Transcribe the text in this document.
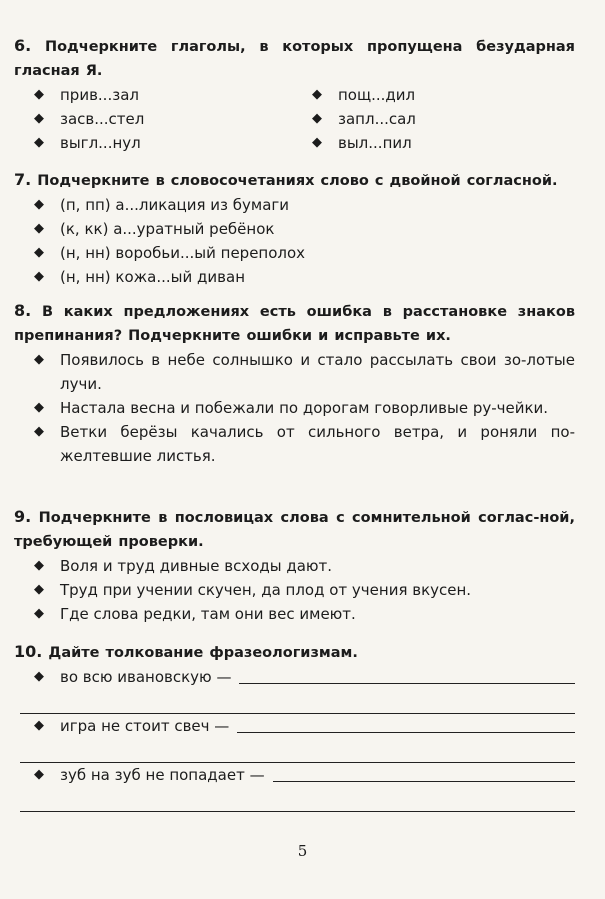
6. Подчеркните глаголы, в которых пропущена безударная гласная Я.
◆ прив...зал
◆ засв...стел
◆ выгл...нул
◆ пощ...дил
◆ запл...сал
◆ выл...пил
7. Подчеркните в словосочетаниях слово с двойной согласной.
◆ (п, пп) а...ликация из бумаги
◆ (к, кк) а...уратный ребёнок
◆ (н, нн) воробьи...ый переполох
◆ (н, нн) кожа...ый диван
8. В каких предложениях есть ошибка в расстановке знаков препинания? Подчеркните ошибки и исправьте их.
◆ Появилось в небе солнышко и стало рассылать свои зо-лотые лучи.
◆ Настала весна и побежали по дорогам говорливые ру-чейки.
◆ Ветки берёзы качались от сильного ветра, и роняли по-желтевшие листья.
9. Подчеркните в пословицах слова с сомнительной соглас-ной, требующей проверки.
◆ Воля и труд дивные всходы дают.
◆ Труд при учении скучен, да плод от учения вкусен.
◆ Где слова редки, там они вес имеют.
10. Дайте толкование фразеологизмам.
◆ во всю ивановскую —
◆ игра не стоит свеч —
◆ зуб на зуб не попадает —
5
